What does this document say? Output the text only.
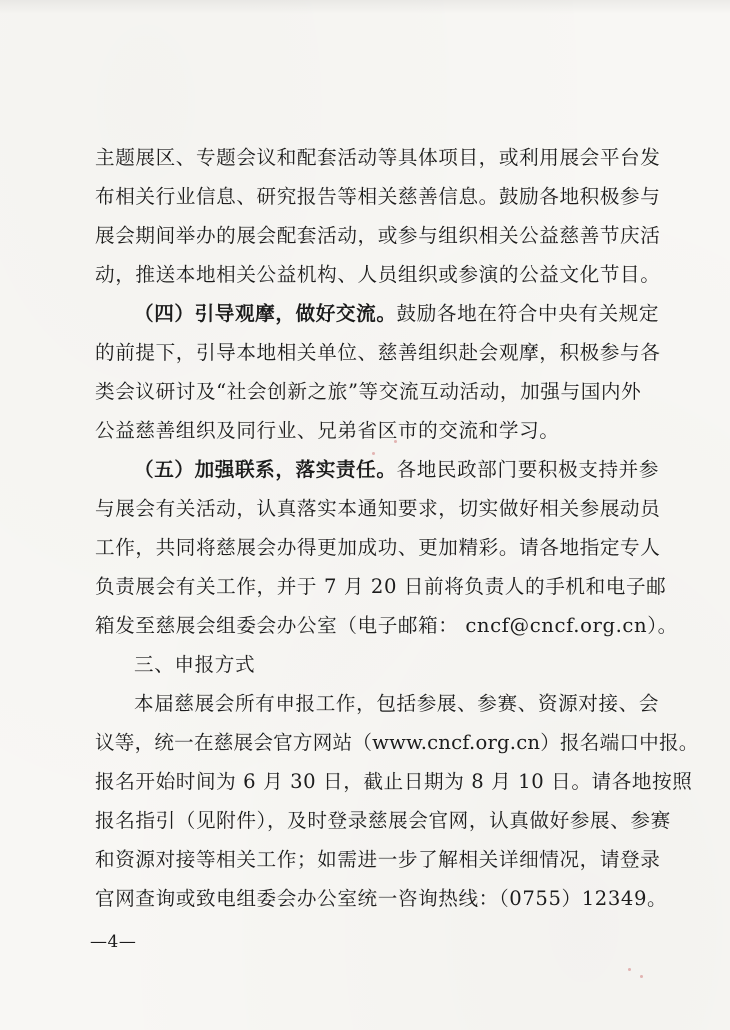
主题展区、专题会议和配套活动等具体项目，或利用展会平台发
布相关行业信息、研究报告等相关慈善信息。鼓励各地积极参与
展会期间举办的展会配套活动，或参与组织相关公益慈善节庆活
动，推送本地相关公益机构、人员组织或参演的公益文化节目。
（四）引导观摩，做好交流。鼓励各地在符合中央有关规定
的前提下，引导本地相关单位、慈善组织赴会观摩，积极参与各
类会议研讨及“社会创新之旅”等交流互动活动，加强与国内外
公益慈善组织及同行业、兄弟省区市的交流和学习。
（五）加强联系，落实责任。各地民政部门要积极支持并参
与展会有关活动，认真落实本通知要求，切实做好相关参展动员
工作，共同将慈展会办得更加成功、更加精彩。请各地指定专人
负责展会有关工作，并于 7 月 20 日前将负责人的手机和电子邮
箱发至慈展会组委会办公室（电子邮箱： cncf@cncf.org.cn）。
三、申报方式
本届慈展会所有申报工作，包括参展、参赛、资源对接、会
议等，统一在慈展会官方网站（www.cncf.org.cn）报名端口中报。
报名开始时间为 6 月 30 日，截止日期为 8 月 10 日。请各地按照
报名指引（见附件），及时登录慈展会官网，认真做好参展、参赛
和资源对接等相关工作；如需进一步了解相关详细情况，请登录
官网查询或致电组委会办公室统一咨询热线：（0755）12349。
—4—
